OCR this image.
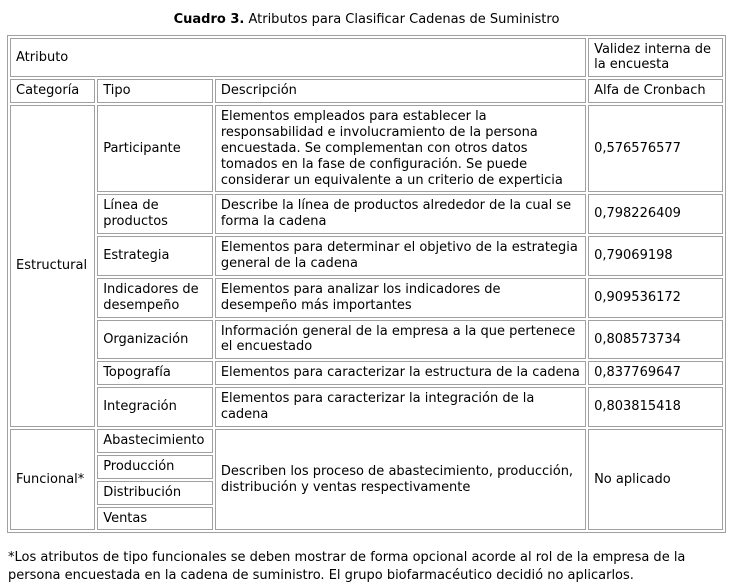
Cuadro 3. Atributos para Clasificar Cadenas de Suministro
Atributo			Validez interna de la encuesta
Categoría	Tipo	Descripción	Alfa de Cronbach
Estructural	Participante	Elementos empleados para establecer la responsabilidad e involucramiento de la persona encuestada. Se complementan con otros datos tomados en la fase de configuración. Se puede considerar un equivalente a un criterio de experticia	0,576576577
	Línea de productos	Describe la línea de productos alrededor de la cual se forma la cadena	0,798226409
	Estrategia	Elementos para determinar el objetivo de la estrategia general de la cadena	0,79069198
	Indicadores de desempeño	Elementos para analizar los indicadores de desempeño más importantes	0,909536172
	Organización	Información general de la empresa a la que pertenece el encuestado	0,808573734
	Topografía	Elementos para caracterizar la estructura de la cadena	0,837769647
	Integración	Elementos para caracterizar la integración de la cadena	0,803815418
Funcional*	Abastecimiento	Describen los proceso de abastecimiento, producción, distribución y ventas respectivamente	No aplicado
	Producción		
	Distribución		
	Ventas		
*Los atributos de tipo funcionales se deben mostrar de forma opcional acorde al rol de la empresa de la persona encuestada en la cadena de suministro. El grupo biofarmacéutico decidió no aplicarlos.
